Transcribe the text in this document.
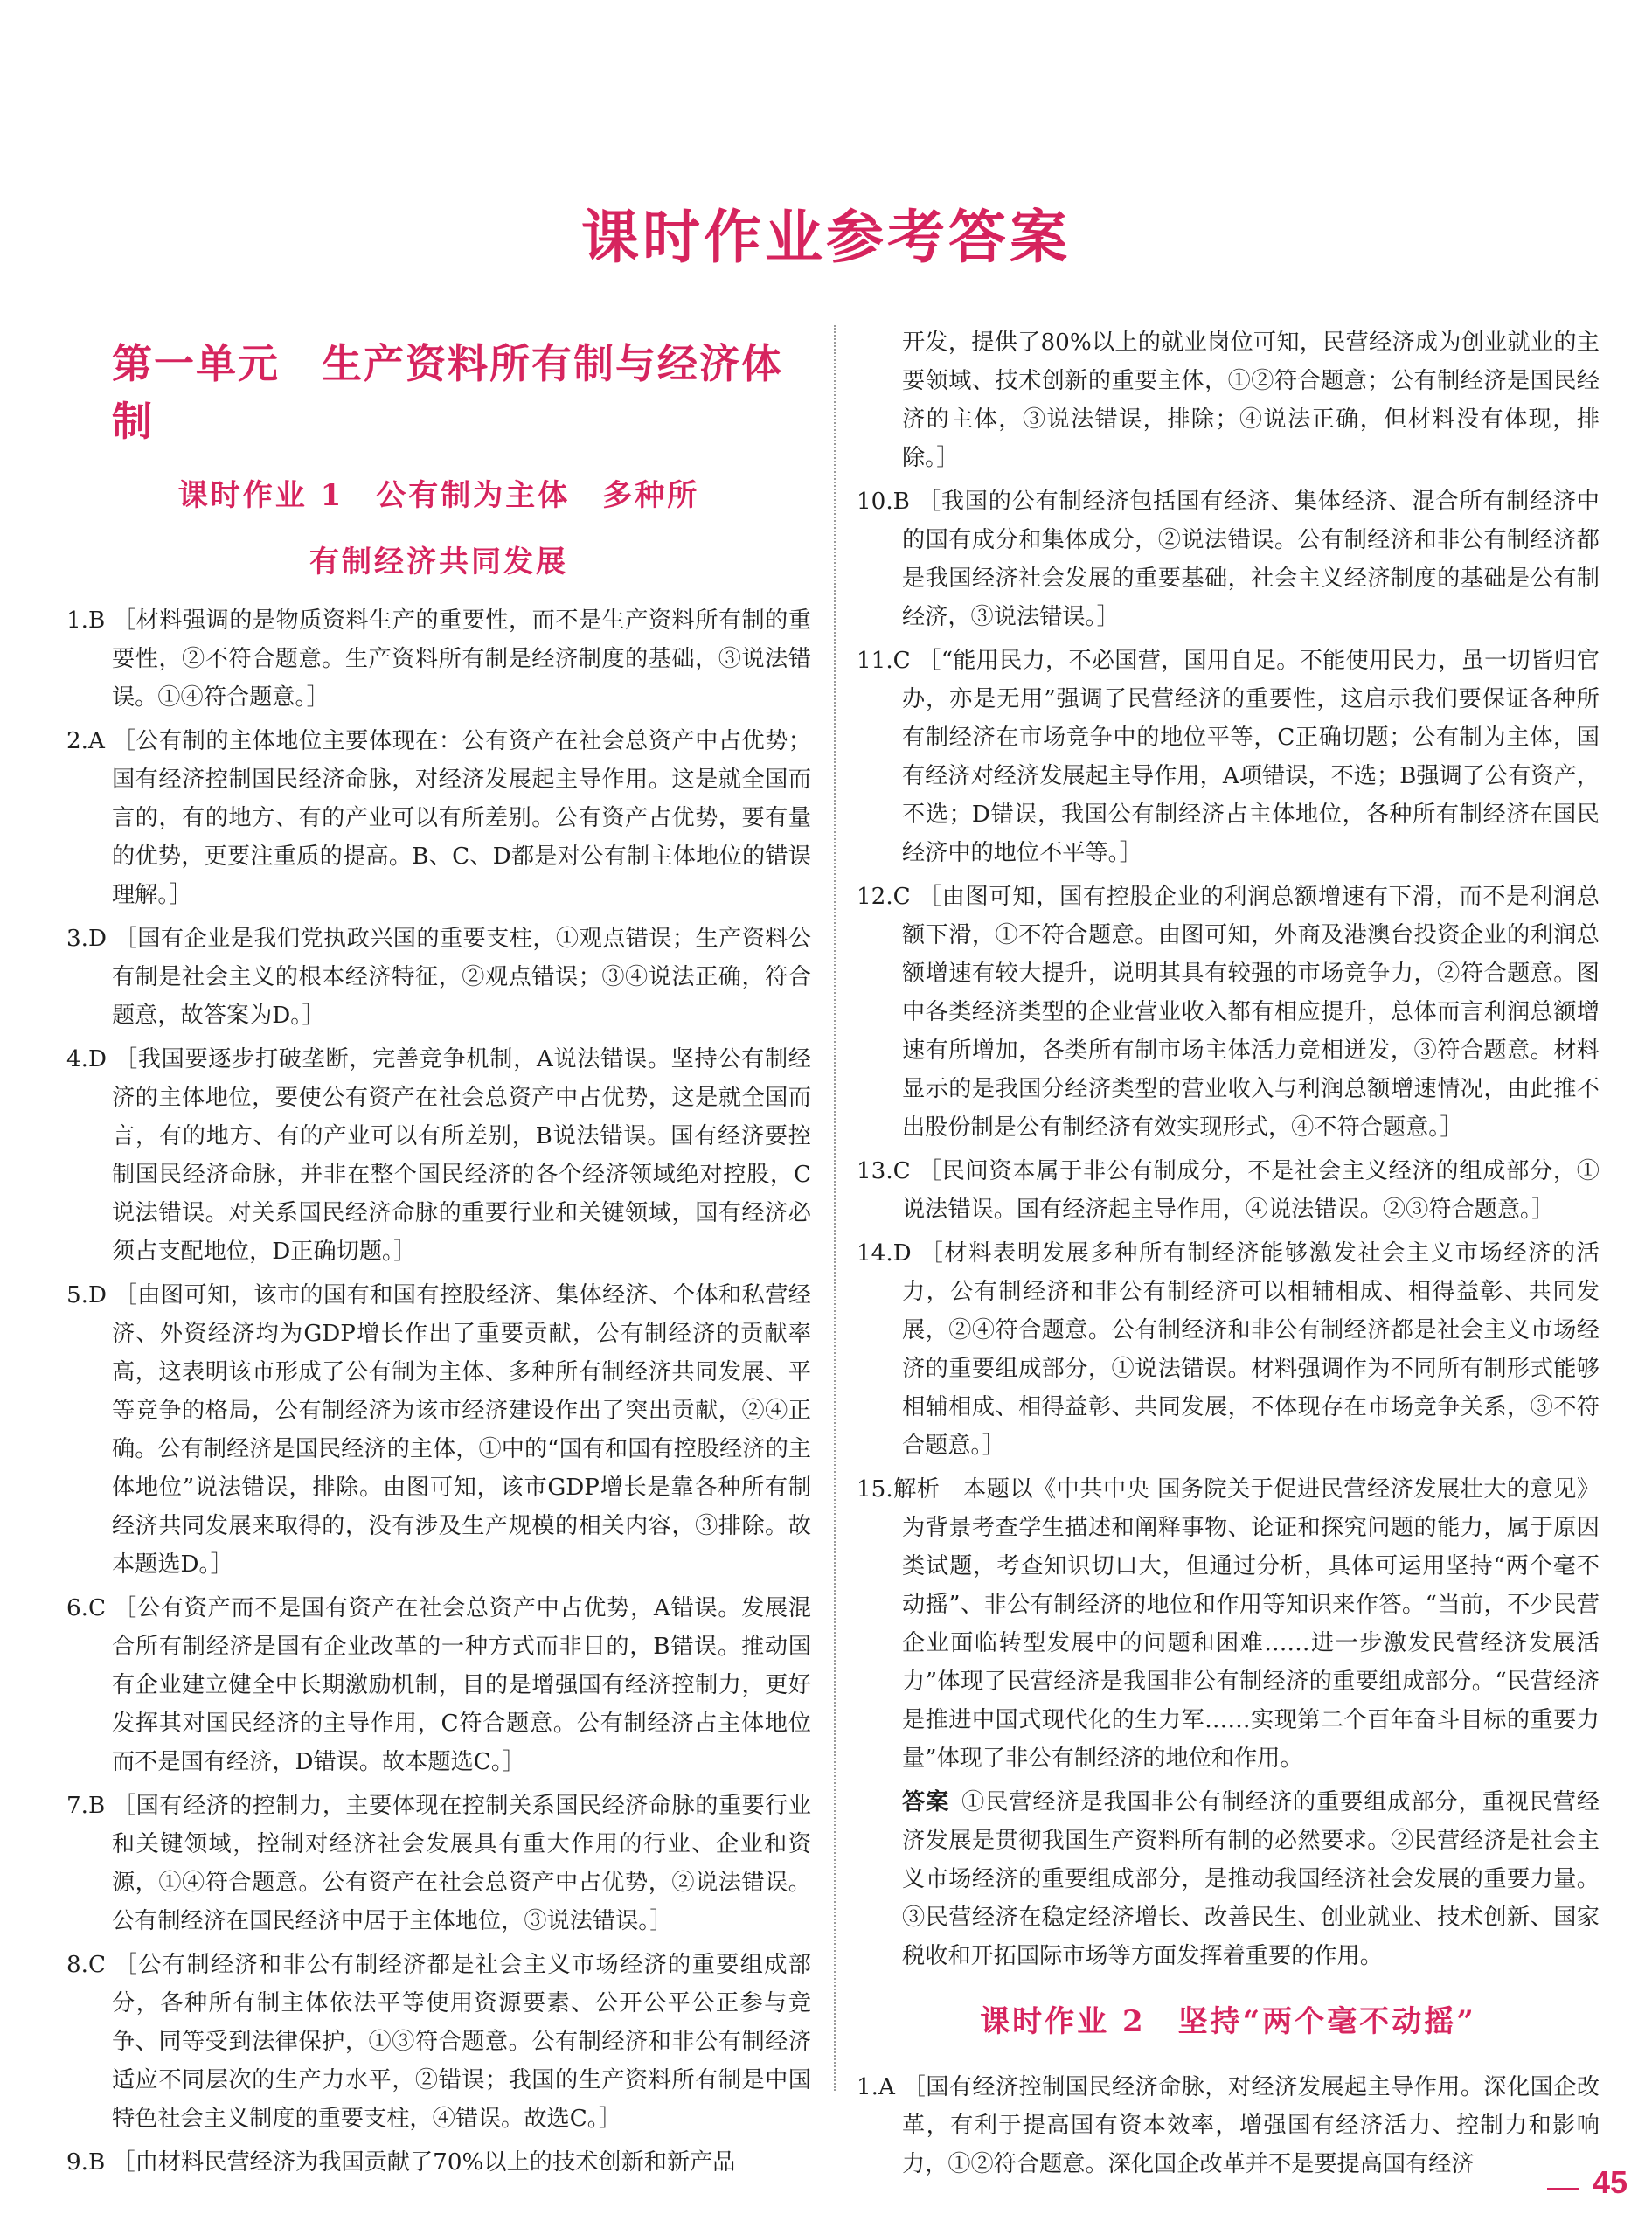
课时作业参考答案
第一单元　生产资料所有制与经济体制
课时作业 1　公有制为主体　多种所
有制经济共同发展
1.B ［材料强调的是物质资料生产的重要性，而不是生产资料所有制的重要性，②不符合题意。生产资料所有制是经济制度的基础，③说法错误。①④符合题意。］
2.A ［公有制的主体地位主要体现在：公有资产在社会总资产中占优势；国有经济控制国民经济命脉，对经济发展起主导作用。这是就全国而言的，有的地方、有的产业可以有所差别。公有资产占优势，要有量的优势，更要注重质的提高。B、C、D都是对公有制主体地位的错误理解。］
3.D ［国有企业是我们党执政兴国的重要支柱，①观点错误；生产资料公有制是社会主义的根本经济特征，②观点错误；③④说法正确，符合题意，故答案为D。］
4.D ［我国要逐步打破垄断，完善竞争机制，A说法错误。坚持公有制经济的主体地位，要使公有资产在社会总资产中占优势，这是就全国而言，有的地方、有的产业可以有所差别，B说法错误。国有经济要控制国民经济命脉，并非在整个国民经济的各个经济领域绝对控股，C说法错误。对关系国民经济命脉的重要行业和关键领域，国有经济必须占支配地位，D正确切题。］
5.D ［由图可知，该市的国有和国有控股经济、集体经济、个体和私营经济、外资经济均为GDP增长作出了重要贡献，公有制经济的贡献率高，这表明该市形成了公有制为主体、多种所有制经济共同发展、平等竞争的格局，公有制经济为该市经济建设作出了突出贡献，②④正确。公有制经济是国民经济的主体，①中的“国有和国有控股经济的主体地位”说法错误，排除。由图可知，该市GDP增长是靠各种所有制经济共同发展来取得的，没有涉及生产规模的相关内容，③排除。故本题选D。］
6.C ［公有资产而不是国有资产在社会总资产中占优势，A错误。发展混合所有制经济是国有企业改革的一种方式而非目的，B错误。推动国有企业建立健全中长期激励机制，目的是增强国有经济控制力，更好发挥其对国民经济的主导作用，C符合题意。公有制经济占主体地位而不是国有经济，D错误。故本题选C。］
7.B ［国有经济的控制力，主要体现在控制关系国民经济命脉的重要行业和关键领域，控制对经济社会发展具有重大作用的行业、企业和资源，①④符合题意。公有资产在社会总资产中占优势，②说法错误。公有制经济在国民经济中居于主体地位，③说法错误。］
8.C ［公有制经济和非公有制经济都是社会主义市场经济的重要组成部分，各种所有制主体依法平等使用资源要素、公开公平公正参与竞争、同等受到法律保护，①③符合题意。公有制经济和非公有制经济适应不同层次的生产力水平，②错误；我国的生产资料所有制是中国特色社会主义制度的重要支柱，④错误。故选C。］
9.B ［由材料民营经济为我国贡献了70%以上的技术创新和新产品
开发，提供了80%以上的就业岗位可知，民营经济成为创业就业的主要领域、技术创新的重要主体，①②符合题意；公有制经济是国民经济的主体，③说法错误，排除；④说法正确，但材料没有体现，排除。］
10.B ［我国的公有制经济包括国有经济、集体经济、混合所有制经济中的国有成分和集体成分，②说法错误。公有制经济和非公有制经济都是我国经济社会发展的重要基础，社会主义经济制度的基础是公有制经济，③说法错误。］
11.C ［“能用民力，不必国营，国用自足。不能使用民力，虽一切皆归官办，亦是无用”强调了民营经济的重要性，这启示我们要保证各种所有制经济在市场竞争中的地位平等，C正确切题；公有制为主体，国有经济对经济发展起主导作用，A项错误，不选；B强调了公有资产，不选；D错误，我国公有制经济占主体地位，各种所有制经济在国民经济中的地位不平等。］
12.C ［由图可知，国有控股企业的利润总额增速有下滑，而不是利润总额下滑，①不符合题意。由图可知，外商及港澳台投资企业的利润总额增速有较大提升，说明其具有较强的市场竞争力，②符合题意。图中各类经济类型的企业营业收入都有相应提升，总体而言利润总额增速有所增加，各类所有制市场主体活力竞相迸发，③符合题意。材料显示的是我国分经济类型的营业收入与利润总额增速情况，由此推不出股份制是公有制经济有效实现形式，④不符合题意。］
13.C ［民间资本属于非公有制成分，不是社会主义经济的组成部分，①说法错误。国有经济起主导作用，④说法错误。②③符合题意。］
14.D ［材料表明发展多种所有制经济能够激发社会主义市场经济的活力，公有制经济和非公有制经济可以相辅相成、相得益彰、共同发展，②④符合题意。公有制经济和非公有制经济都是社会主义市场经济的重要组成部分，①说法错误。材料强调作为不同所有制形式能够相辅相成、相得益彰、共同发展，不体现存在市场竞争关系，③不符合题意。］
15.解析　本题以《中共中央 国务院关于促进民营经济发展壮大的意见》为背景考查学生描述和阐释事物、论证和探究问题的能力，属于原因类试题，考查知识切口大，但通过分析，具体可运用坚持“两个毫不动摇”、非公有制经济的地位和作用等知识来作答。“当前，不少民营企业面临转型发展中的问题和困难……进一步激发民营经济发展活力”体现了民营经济是我国非公有制经济的重要组成部分。“民营经济是推进中国式现代化的生力军……实现第二个百年奋斗目标的重要力量”体现了非公有制经济的地位和作用。
答案 ①民营经济是我国非公有制经济的重要组成部分，重视民营经济发展是贯彻我国生产资料所有制的必然要求。②民营经济是社会主义市场经济的重要组成部分，是推动我国经济社会发展的重要力量。③民营经济在稳定经济增长、改善民生、创业就业、技术创新、国家税收和开拓国际市场等方面发挥着重要的作用。
课时作业 2　坚持“两个毫不动摇”
1.A ［国有经济控制国民经济命脉，对经济发展起主导作用。深化国企改革，有利于提高国有资本效率，增强国有经济活力、控制力和影响力，①②符合题意。深化国企改革并不是要提高国有经济	45
